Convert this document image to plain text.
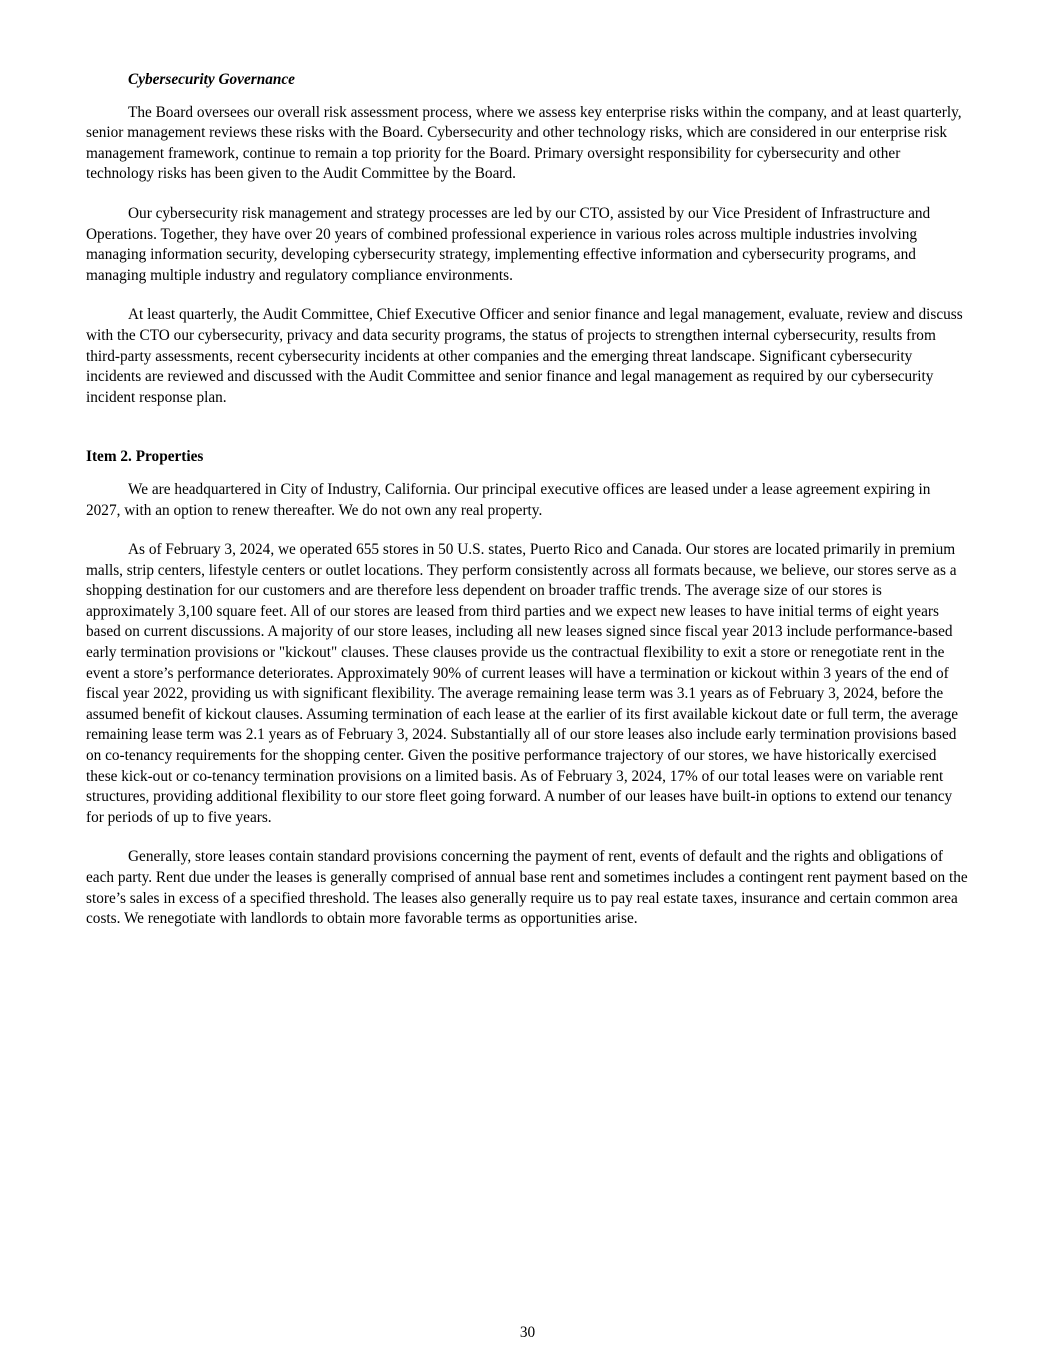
Cybersecurity Governance

The Board oversees our overall risk assessment process, where we assess key enterprise risks within the company, and at least quarterly, senior management reviews these risks with the Board. Cybersecurity and other technology risks, which are considered in our enterprise risk management framework, continue to remain a top priority for the Board. Primary oversight responsibility for cybersecurity and other technology risks has been given to the Audit Committee by the Board.

Our cybersecurity risk management and strategy processes are led by our CTO, assisted by our Vice President of Infrastructure and Operations. Together, they have over 20 years of combined professional experience in various roles across multiple industries involving managing information security, developing cybersecurity strategy, implementing effective information and cybersecurity programs, and managing multiple industry and regulatory compliance environments.

At least quarterly, the Audit Committee, Chief Executive Officer and senior finance and legal management, evaluate, review and discuss with the CTO our cybersecurity, privacy and data security programs, the status of projects to strengthen internal cybersecurity, results from third-party assessments, recent cybersecurity incidents at other companies and the emerging threat landscape. Significant cybersecurity incidents are reviewed and discussed with the Audit Committee and senior finance and legal management as required by our cybersecurity incident response plan.

Item 2. Properties

We are headquartered in City of Industry, California. Our principal executive offices are leased under a lease agreement expiring in 2027, with an option to renew thereafter. We do not own any real property.

As of February 3, 2024, we operated 655 stores in 50 U.S. states, Puerto Rico and Canada. Our stores are located primarily in premium malls, strip centers, lifestyle centers or outlet locations. They perform consistently across all formats because, we believe, our stores serve as a shopping destination for our customers and are therefore less dependent on broader traffic trends. The average size of our stores is approximately 3,100 square feet. All of our stores are leased from third parties and we expect new leases to have initial terms of eight years based on current discussions. A majority of our store leases, including all new leases signed since fiscal year 2013 include performance-based early termination provisions or "kickout" clauses. These clauses provide us the contractual flexibility to exit a store or renegotiate rent in the event a store’s performance deteriorates. Approximately 90% of current leases will have a termination or kickout within 3 years of the end of fiscal year 2022, providing us with significant flexibility. The average remaining lease term was 3.1 years as of February 3, 2024, before the assumed benefit of kickout clauses. Assuming termination of each lease at the earlier of its first available kickout date or full term, the average remaining lease term was 2.1 years as of February 3, 2024. Substantially all of our store leases also include early termination provisions based on co-tenancy requirements for the shopping center. Given the positive performance trajectory of our stores, we have historically exercised these kick-out or co-tenancy termination provisions on a limited basis. As of February 3, 2024, 17% of our total leases were on variable rent structures, providing additional flexibility to our store fleet going forward. A number of our leases have built-in options to extend our tenancy for periods of up to five years.

Generally, store leases contain standard provisions concerning the payment of rent, events of default and the rights and obligations of each party. Rent due under the leases is generally comprised of annual base rent and sometimes includes a contingent rent payment based on the store’s sales in excess of a specified threshold. The leases also generally require us to pay real estate taxes, insurance and certain common area costs. We renegotiate with landlords to obtain more favorable terms as opportunities arise.

30
